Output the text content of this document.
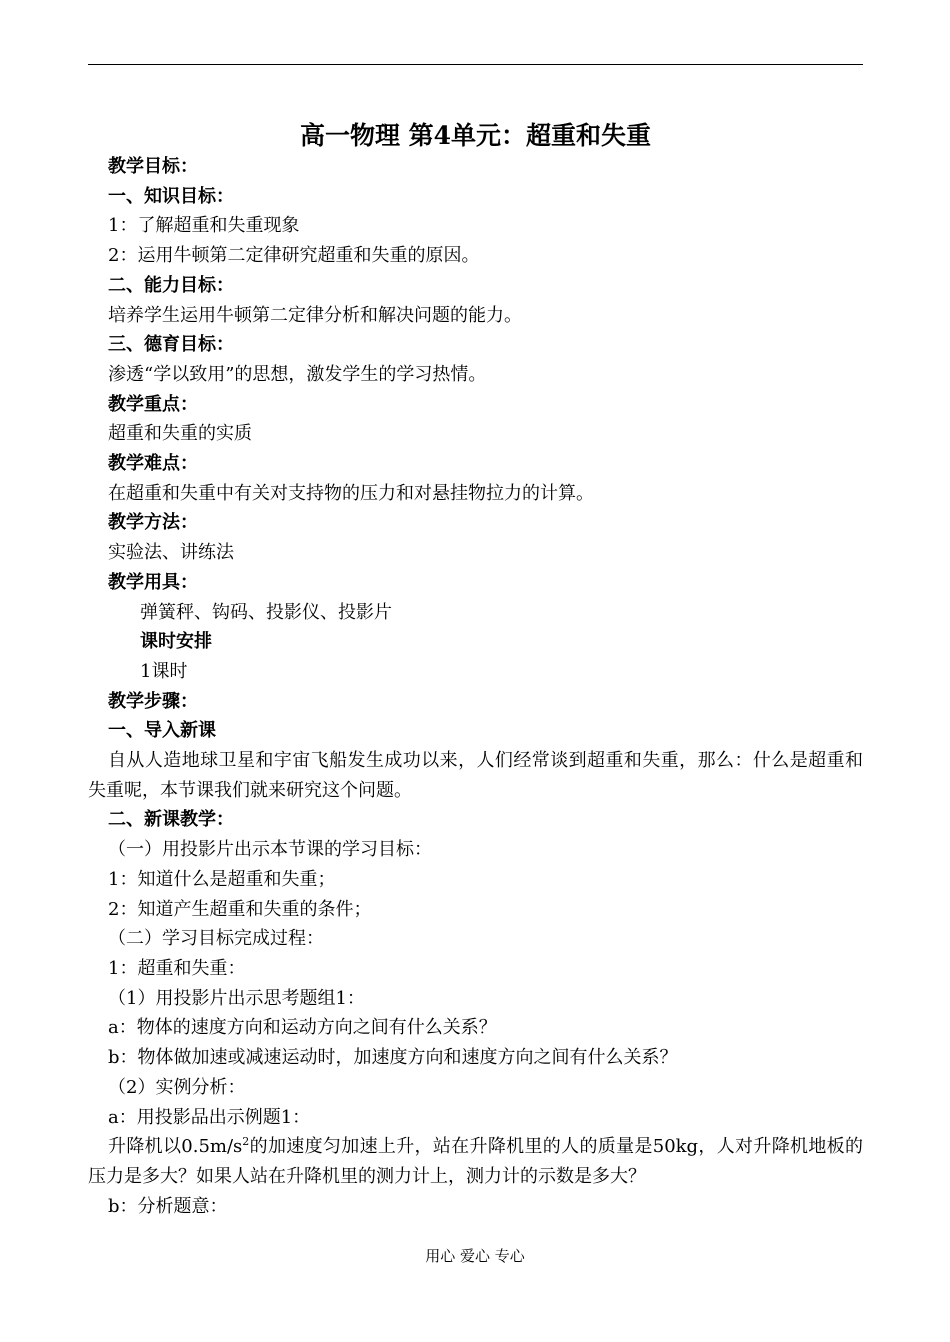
高一物理 第4单元：超重和失重

教学目标：

一、知识目标：

1：了解超重和失重现象

2：运用牛顿第二定律研究超重和失重的原因。

二、能力目标：

培养学生运用牛顿第二定律分析和解决问题的能力。

三、德育目标：

渗透“学以致用”的思想，激发学生的学习热情。

教学重点：

超重和失重的实质

教学难点：

在超重和失重中有关对支持物的压力和对悬挂物拉力的计算。

教学方法：

实验法、讲练法

教学用具：

弹簧秤、钩码、投影仪、投影片

课时安排

1课时

教学步骤：

一、导入新课

自从人造地球卫星和宇宙飞船发生成功以来，人们经常谈到超重和失重，那么：什么是超重和失重呢，本节课我们就来研究这个问题。

二、新课教学：

（一）用投影片出示本节课的学习目标：

1：知道什么是超重和失重；

2：知道产生超重和失重的条件；

（二）学习目标完成过程：

1：超重和失重：

（1）用投影片出示思考题组1：

a：物体的速度方向和运动方向之间有什么关系？

b：物体做加速或减速运动时，加速度方向和速度方向之间有什么关系？

（2）实例分析：

a：用投影品出示例题1：

升降机以$0.5m/s^2$的加速度匀加速上升，站在升降机里的人的质量是50kg，人对升降机地板的压力是多大？如果人站在升降机里的测力计上，测力计的示数是多大？

b：分析题意：

用心 爱心 专心
